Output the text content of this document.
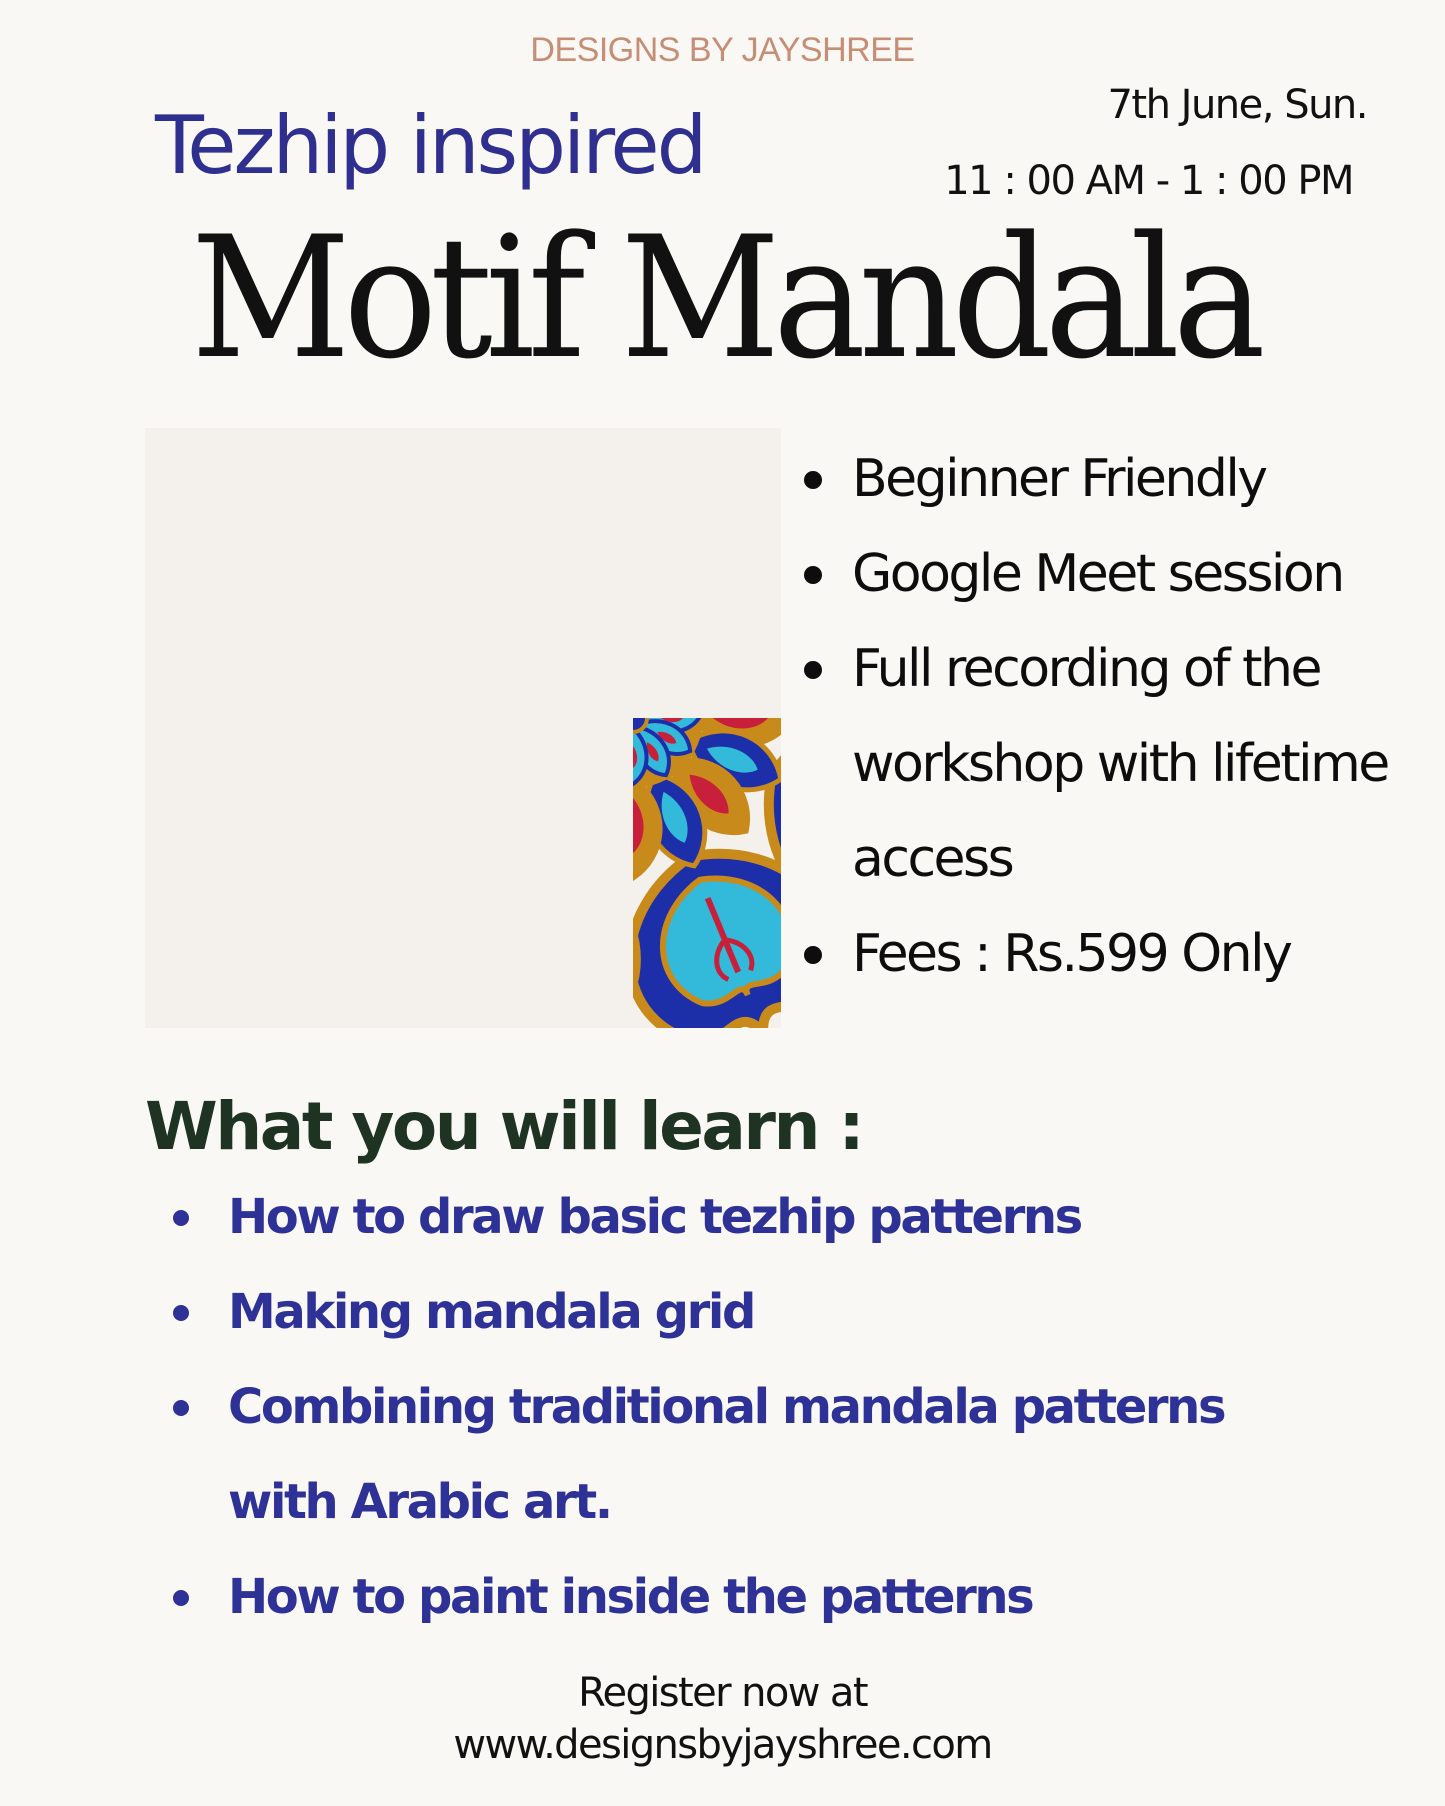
DESIGNS BY JAYSHREE
Tezhip inspired	7th June, Sun.
11 : 00 AM - 1 : 00 PM
Motif Mandala
Beginner Friendly
Google Meet session
Full recording of the
workshop with lifetime
access
Fees : Rs.599 Only
What you will learn :
How to draw basic tezhip patterns
Making mandala grid
Combining traditional mandala patterns
with Arabic art.
How to paint inside the patterns
Register now at
www.designsbyjayshree.com
